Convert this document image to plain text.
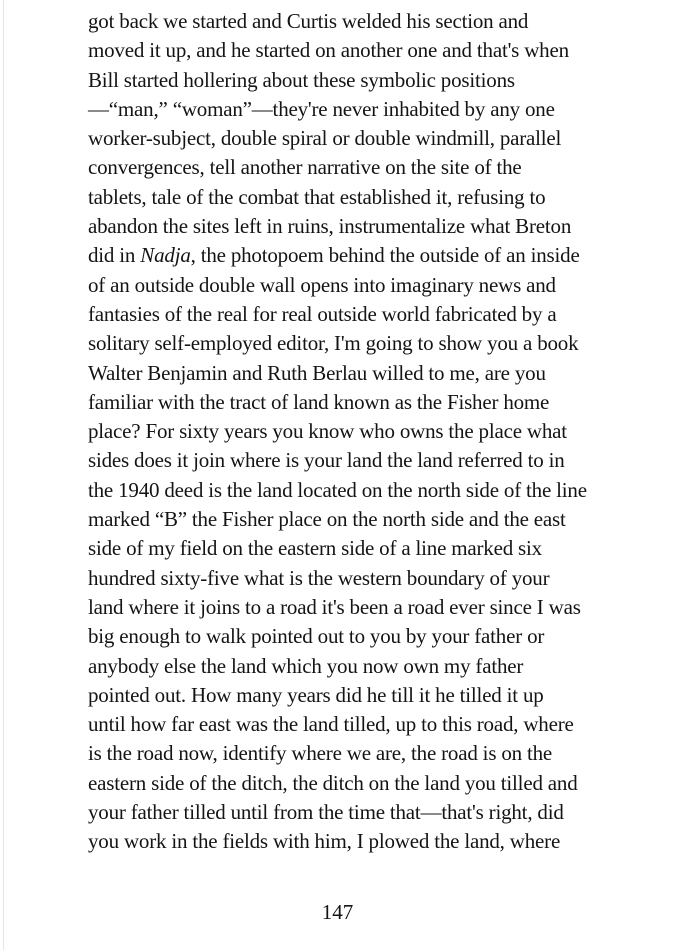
got back we started and Curtis welded his section and
moved it up, and he started on another one and that's when
Bill started hollering about these symbolic positions
—“man,” “woman”—they're never inhabited by any one
worker-subject, double spiral or double windmill, parallel
convergences, tell another narrative on the site of the
tablets, tale of the combat that established it, refusing to
abandon the sites left in ruins, instrumentalize what Breton
did in Nadja, the photopoem behind the outside of an inside
of an outside double wall opens into imaginary news and
fantasies of the real for real outside world fabricated by a
solitary self-employed editor, I'm going to show you a book
Walter Benjamin and Ruth Berlau willed to me, are you
familiar with the tract of land known as the Fisher home
place? For sixty years you know who owns the place what
sides does it join where is your land the land referred to in
the 1940 deed is the land located on the north side of the line
marked “B” the Fisher place on the north side and the east
side of my field on the eastern side of a line marked six
hundred sixty-five what is the western boundary of your
land where it joins to a road it's been a road ever since I was
big enough to walk pointed out to you by your father or
anybody else the land which you now own my father
pointed out. How many years did he till it he tilled it up
until how far east was the land tilled, up to this road, where
is the road now, identify where we are, the road is on the
eastern side of the ditch, the ditch on the land you tilled and
your father tilled until from the time that—that's right, did
you work in the fields with him, I plowed the land, where
147
